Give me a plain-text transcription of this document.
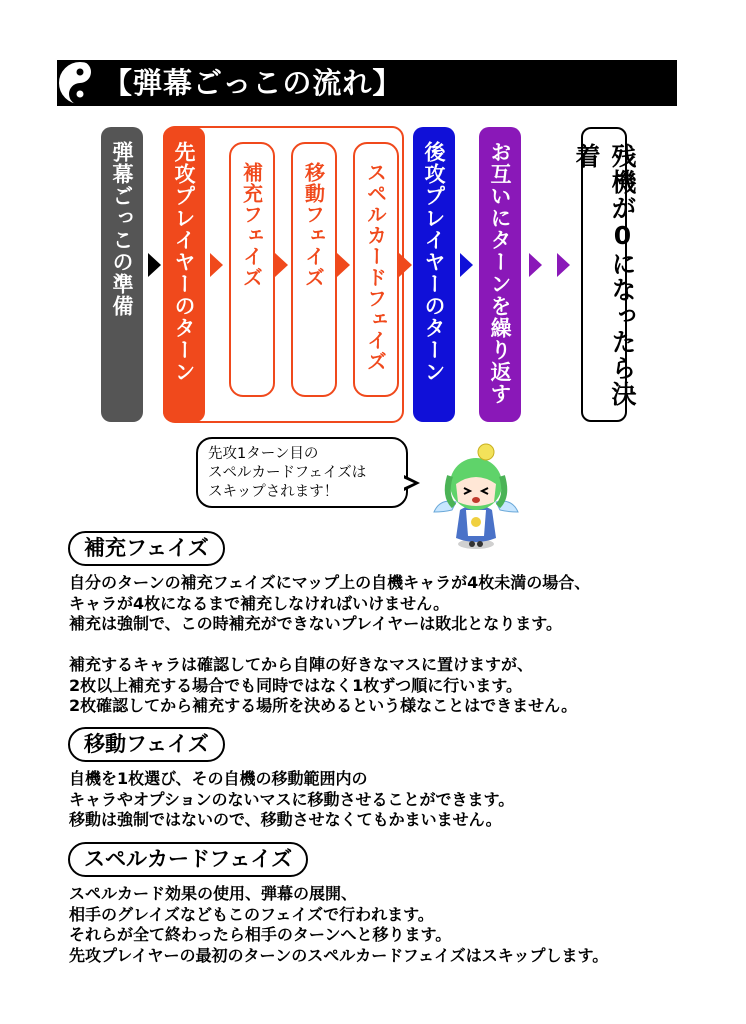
【弾幕ごっこの流れ】
弾幕ごっこの準備 先攻プレイヤーのターン 補充フェイズ 移動フェイズ スペルカードフェイズ 後攻プレイヤーのターン お互いにターンを繰り返す	残機が0になったら決着
先攻1ターン目の
スペルカードフェイズは
スキップされます！
補充フェイズ
自分のターンの補充フェイズにマップ上の自機キャラが4枚未満の場合、
キャラが4枚になるまで補充しなければいけません。
補充は強制で、この時補充ができないプレイヤーは敗北となります。
補充するキャラは確認してから自陣の好きなマスに置けますが、
2枚以上補充する場合でも同時ではなく1枚ずつ順に行います。
2枚確認してから補充する場所を決めるという様なことはできません。
移動フェイズ
自機を1枚選び、その自機の移動範囲内の
キャラやオプションのないマスに移動させることができます。
移動は強制ではないので、移動させなくてもかまいません。
スペルカードフェイズ
スペルカード効果の使用、弾幕の展開、
相手のグレイズなどもこのフェイズで行われます。
それらが全て終わったら相手のターンへと移ります。
先攻プレイヤーの最初のターンのスペルカードフェイズはスキップします。
